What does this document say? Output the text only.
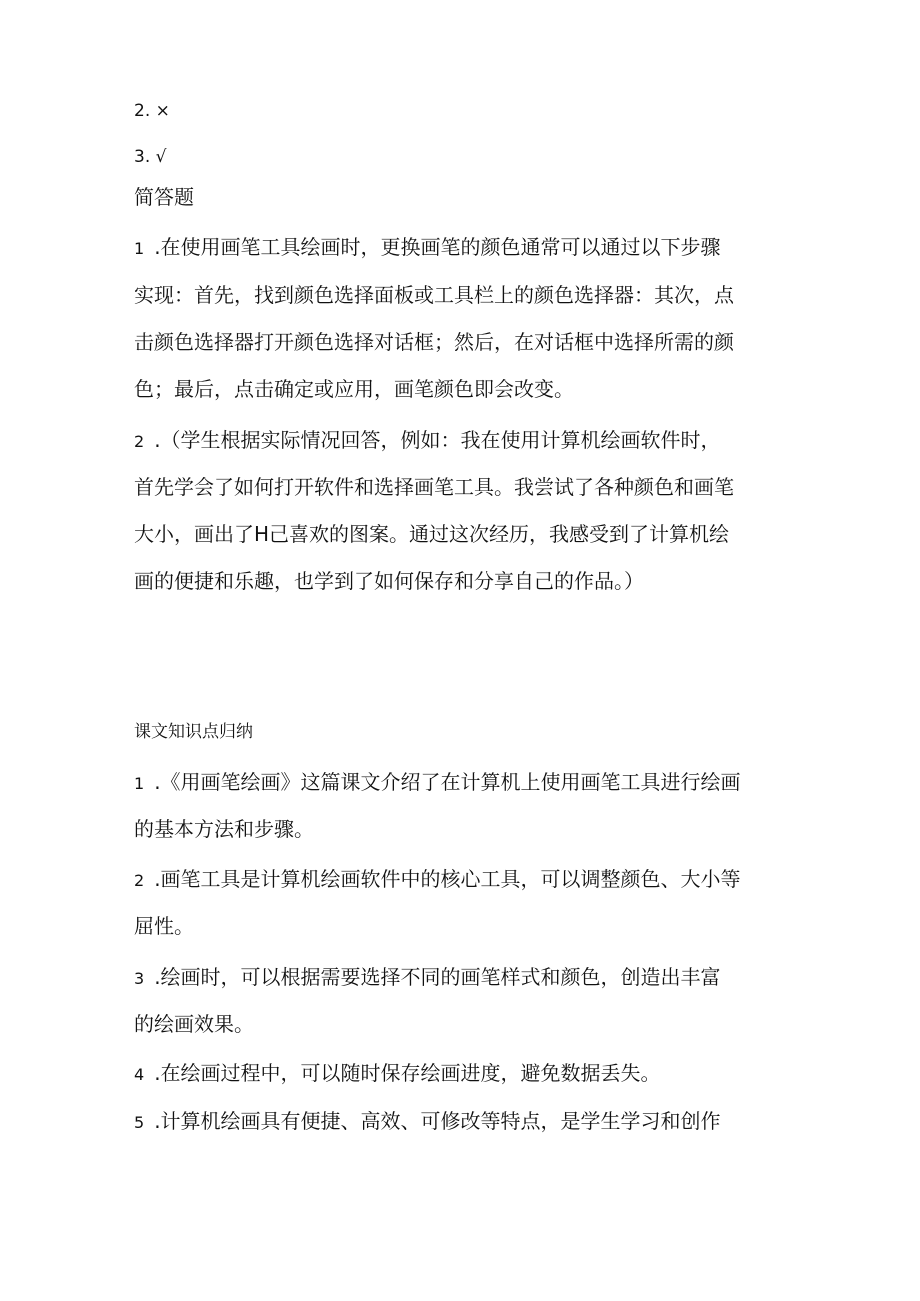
2. ×
3. √
简答题
1 .在使用画笔工具绘画时，更换画笔的颜色通常可以通过以下步骤
实现：首先，找到颜色选择面板或工具栏上的颜色选择器：其次，点
击颜色选择器打开颜色选择对话框；然后，在对话框中选择所需的颜
色；最后，点击确定或应用，画笔颜色即会改变。
2 .（学生根据实际情况回答，例如：我在使用计算机绘画软件时，
首先学会了如何打开软件和选择画笔工具。我尝试了各种颜色和画笔
大小，画出了H己喜欢的图案。通过这次经历，我感受到了计算机绘
画的便捷和乐趣，也学到了如何保存和分享自己的作品。）
课文知识点归纳
1 .《用画笔绘画》这篇课文介绍了在计算机上使用画笔工具进行绘画
的基本方法和步骤。
2 .画笔工具是计算机绘画软件中的核心工具，可以调整颜色、大小等
屈性。
3 .绘画时，可以根据需要选择不同的画笔样式和颜色，创造出丰富
的绘画效果。
4 .在绘画过程中，可以随时保存绘画进度，避免数据丢失。
5 .计算机绘画具有便捷、高效、可修改等特点，是学生学习和创作
